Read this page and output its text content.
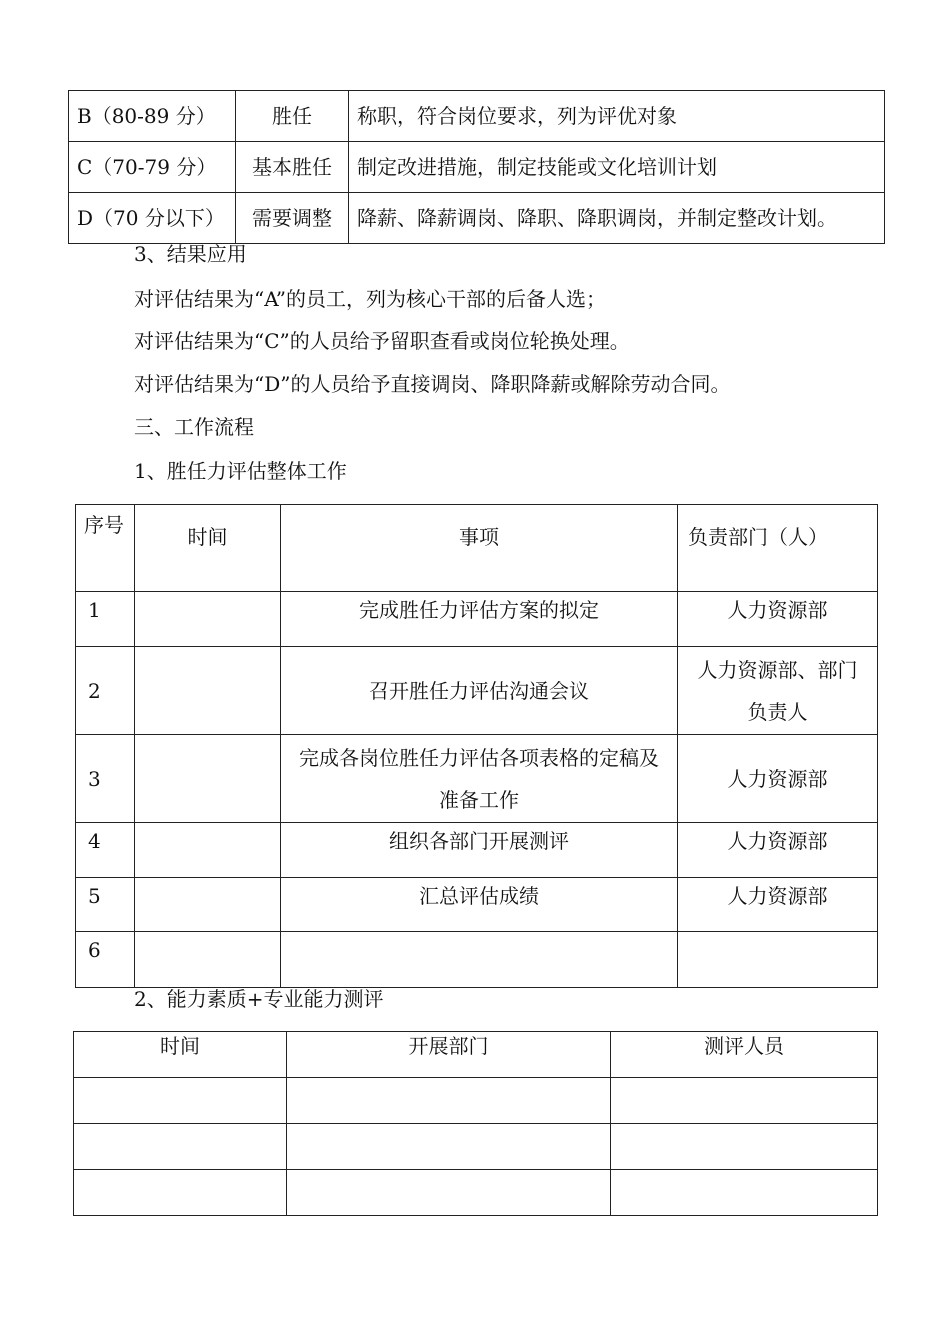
B（80-89 分）	胜任	称职，符合岗位要求，列为评优对象
C（70-79 分）	基本胜任	制定改进措施，制定技能或文化培训计划
D（70 分以下）	需要调整	降薪、降薪调岗、降职、降职调岗，并制定整改计划。
3、结果应用
对评估结果为“A”的员工，列为核心干部的后备人选；
对评估结果为“C”的人员给予留职查看或岗位轮换处理。
对评估结果为“D”的人员给予直接调岗、降职降薪或解除劳动合同。
三、工作流程
1、胜任力评估整体工作
序号	时间	事项	负责部门（人）
1		完成胜任力评估方案的拟定	人力资源部
2		召开胜任力评估沟通会议	人力资源部、部门负责人
3		完成各岗位胜任力评估各项表格的定稿及准备工作	人力资源部
4		组织各部门开展测评	人力资源部
5		汇总评估成绩	人力资源部
6			
2、能力素质+专业能力测评
时间	开展部门	测评人员
